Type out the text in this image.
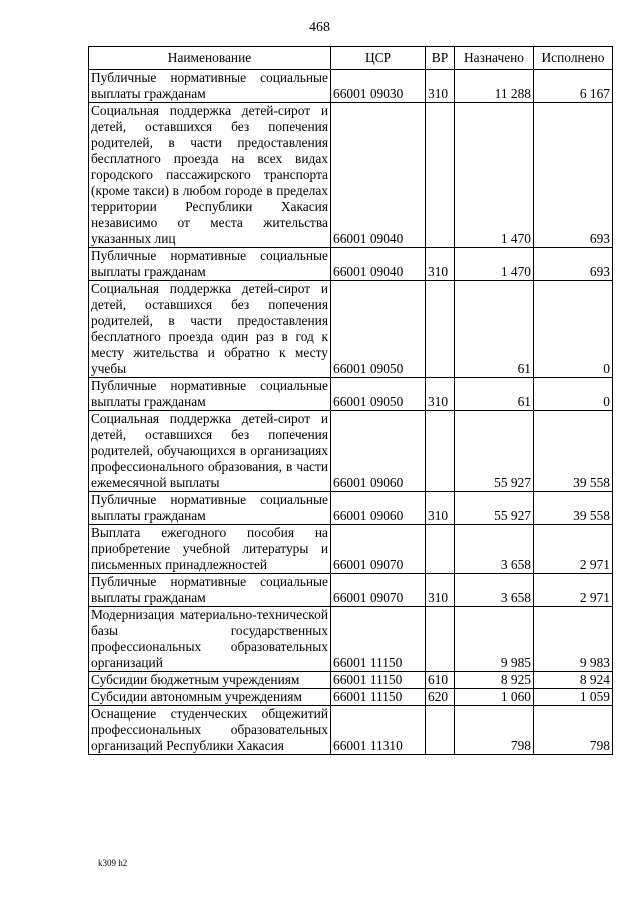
468
Наименование	ЦСР	ВР	Назначено	Исполнено
Публичные нормативные социальные выплаты гражданам	66001 09030	310	11 288	6 167
Социальная поддержка детей-сирот и детей, оставшихся без попечения родителей, в части предоставления бесплатного проезда на всех видах городского пассажирского транспорта (кроме такси) в любом городе в пределах территории Республики Хакасия независимо от места жительства указанных лиц	66001 09040		1 470	693
Публичные нормативные социальные выплаты гражданам	66001 09040	310	1 470	693
Социальная поддержка детей-сирот и детей, оставшихся без попечения родителей, в части предоставления бесплатного проезда один раз в год к месту жительства и обратно к месту учебы	66001 09050		61	0
Публичные нормативные социальные выплаты гражданам	66001 09050	310	61	0
Социальная поддержка детей-сирот и детей, оставшихся без попечения родителей, обучающихся в организациях профессионального образования, в части ежемесячной выплаты	66001 09060		55 927	39 558
Публичные нормативные социальные выплаты гражданам	66001 09060	310	55 927	39 558
Выплата ежегодного пособия на приобретение учебной литературы и письменных принадлежностей	66001 09070		3 658	2 971
Публичные нормативные социальные выплаты гражданам	66001 09070	310	3 658	2 971
Модернизация материально-технической базы государственных профессиональных образовательных организаций	66001 11150		9 985	9 983
Субсидии бюджетным учреждениям	66001 11150	610	8 925	8 924
Субсидии автономным учреждениям	66001 11150	620	1 060	1 059
Оснащение студенческих общежитий профессиональных образовательных организаций Республики Хакасия	66001 11310		798	798
k309 h2
